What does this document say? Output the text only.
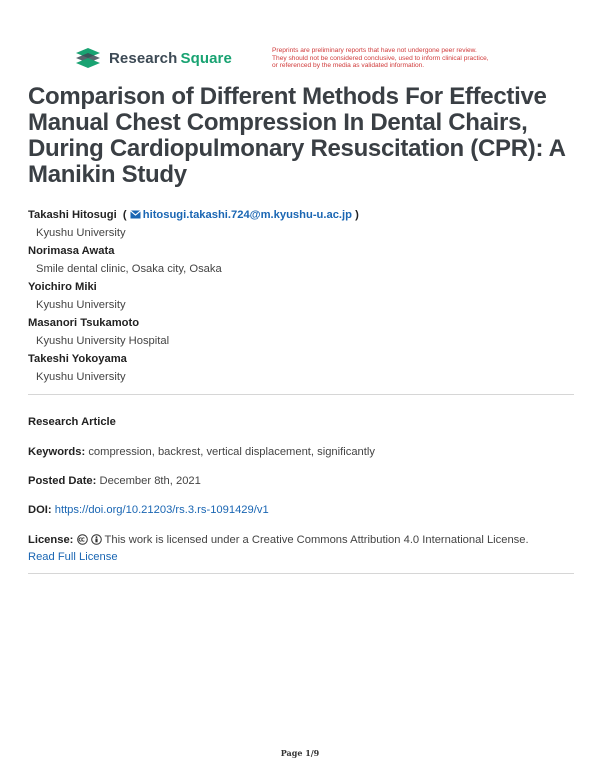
Research  Square	Preprints are preliminary reports that have not undergone peer review.
They should not be considered conclusive, used to inform clinical practice,
or referenced by the media as validated information.
Comparison of Different Methods For Effective Manual Chest Compression In Dental Chairs, During Cardiopulmonary Resuscitation (CPR): A Manikin Study
Takashi Hitosugi ( hitosugi.takashi.724@m.kyushu-u.ac.jp )
Kyushu University
Norimasa Awata
Smile dental clinic, Osaka city, Osaka
Yoichiro Miki
Kyushu University
Masanori Tsukamoto
Kyushu University Hospital
Takeshi Yokoyama
Kyushu University
Research Article
Keywords: compression, backrest, vertical displacement, significantly
Posted Date: December 8th, 2021
DOI: https://doi.org/10.21203/rs.3.rs-1091429/v1
License:	This work is licensed under a Creative Commons Attribution 4.0 International License.
Read Full License
Page 1/9
